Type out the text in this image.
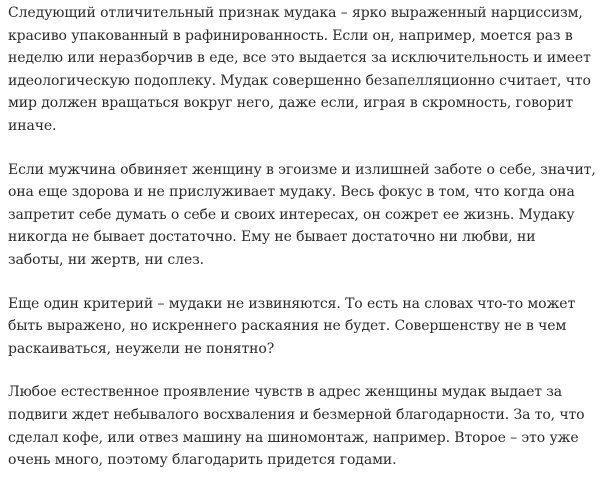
Следующий отличительный признак мудака – ярко выраженный нарциссизм,
красиво упакованный в рафинированность. Если он, например, моется раз в
неделю или неразборчив в еде, все это выдается за исключительность и имеет
идеологическую подоплеку. Мудак совершенно безапелляционно считает, что
мир должен вращаться вокруг него, даже если, играя в скромность, говорит
иначе.

Если мужчина обвиняет женщину в эгоизме и излишней заботе о себе, значит,
она еще здорова и не прислуживает мудаку. Весь фокус в том, что когда она
запретит себе думать о себе и своих интересах, он сожрет ее жизнь. Мудаку
никогда не бывает достаточно. Ему не бывает достаточно ни любви, ни
заботы, ни жертв, ни слез.

Еще один критерий – мудаки не извиняются. То есть на словах что-то может
быть выражено, но искреннего раскаяния не будет. Совершенству не в чем
раскаиваться, неужели не понятно?

Любое естественное проявление чувств в адрес женщины мудак выдает за
подвиги ждет небывалого восхваления и безмерной благодарности. За то, что
сделал кофе, или отвез машину на шиномонтаж, например. Второе – это уже
очень много, поэтому благодарить придется годами.
